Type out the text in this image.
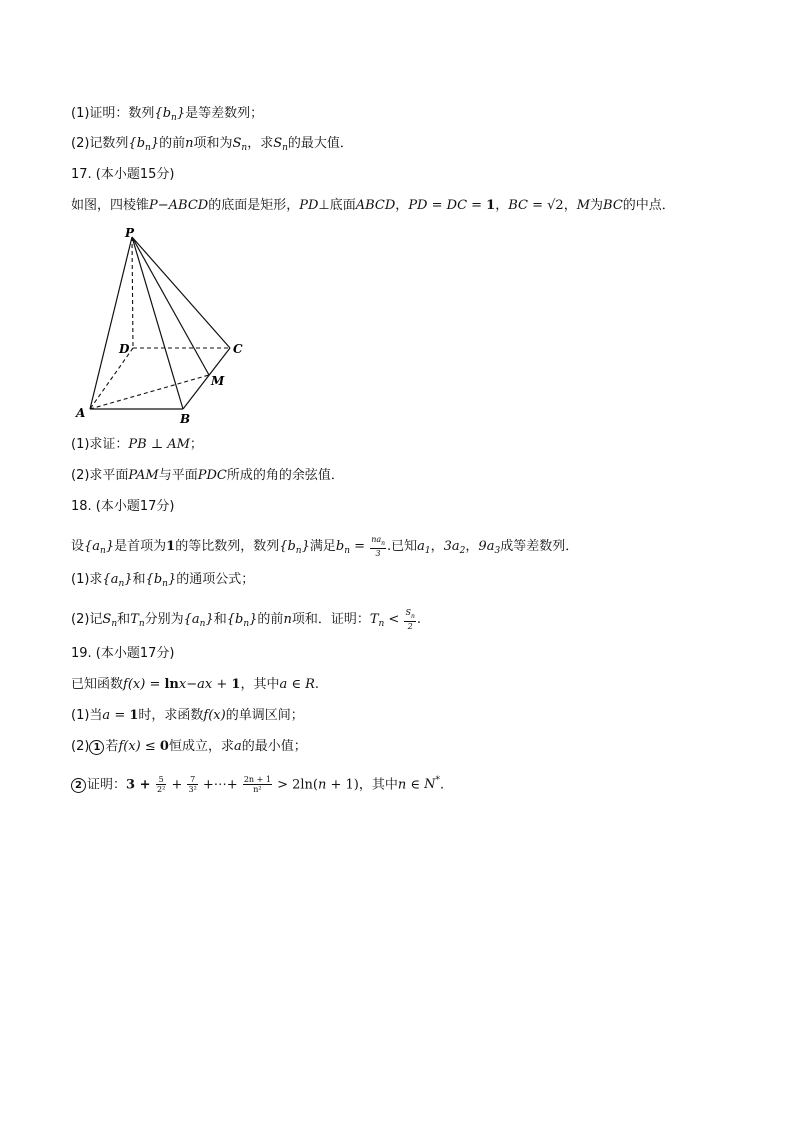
(1)证明：数列$\{b_n\}$是等差数列；
(2)记数列$\{b_n\}$的前n项和为$S_n$，求$S_n$的最大值．
17. (本小题15分)
如图，四棱锥P−ABCD的底面是矩形，PD⊥底面ABCD，PD = DC = 1，BC = √2，M为BC的中点．
P
D	C
M
A	B
(1)求证：PB ⊥ AM；
(2)求平面PAM与平面PDC所成的角的余弦值．
18. (本小题17分)
设$\{a_n\}$是首项为1的等比数列，数列$\{b_n\}$满足$b_n = \frac{na_n}{3}$ .已知$a_1$，$3a_2$，$9a_3$成等差数列．
(1)求$\{a_n\}$和$\{b_n\}$的通项公式；
(2)记$S_n$和$T_n$分别为$\{a_n\}$和$\{b_n\}$的前n项和．证明：$T_n < \frac{S_n}{2}$ .
19. (本小题17分)
已知函数f(x) = lnx−ax + 1，其中a ∈ R.
(1)当a = 1时，求函数f(x)的单调区间；
(2) 1 若f(x) ≤ 0恒成立，求a的最小值；
2 证明：$3 + \frac{5}{\text{2²}} + \frac{7}{\text{3²}}$ +⋯+ $\frac{2n + 1}{\text{n²}} > 2\ln(n + 1)$，其中n ∈ N*.
